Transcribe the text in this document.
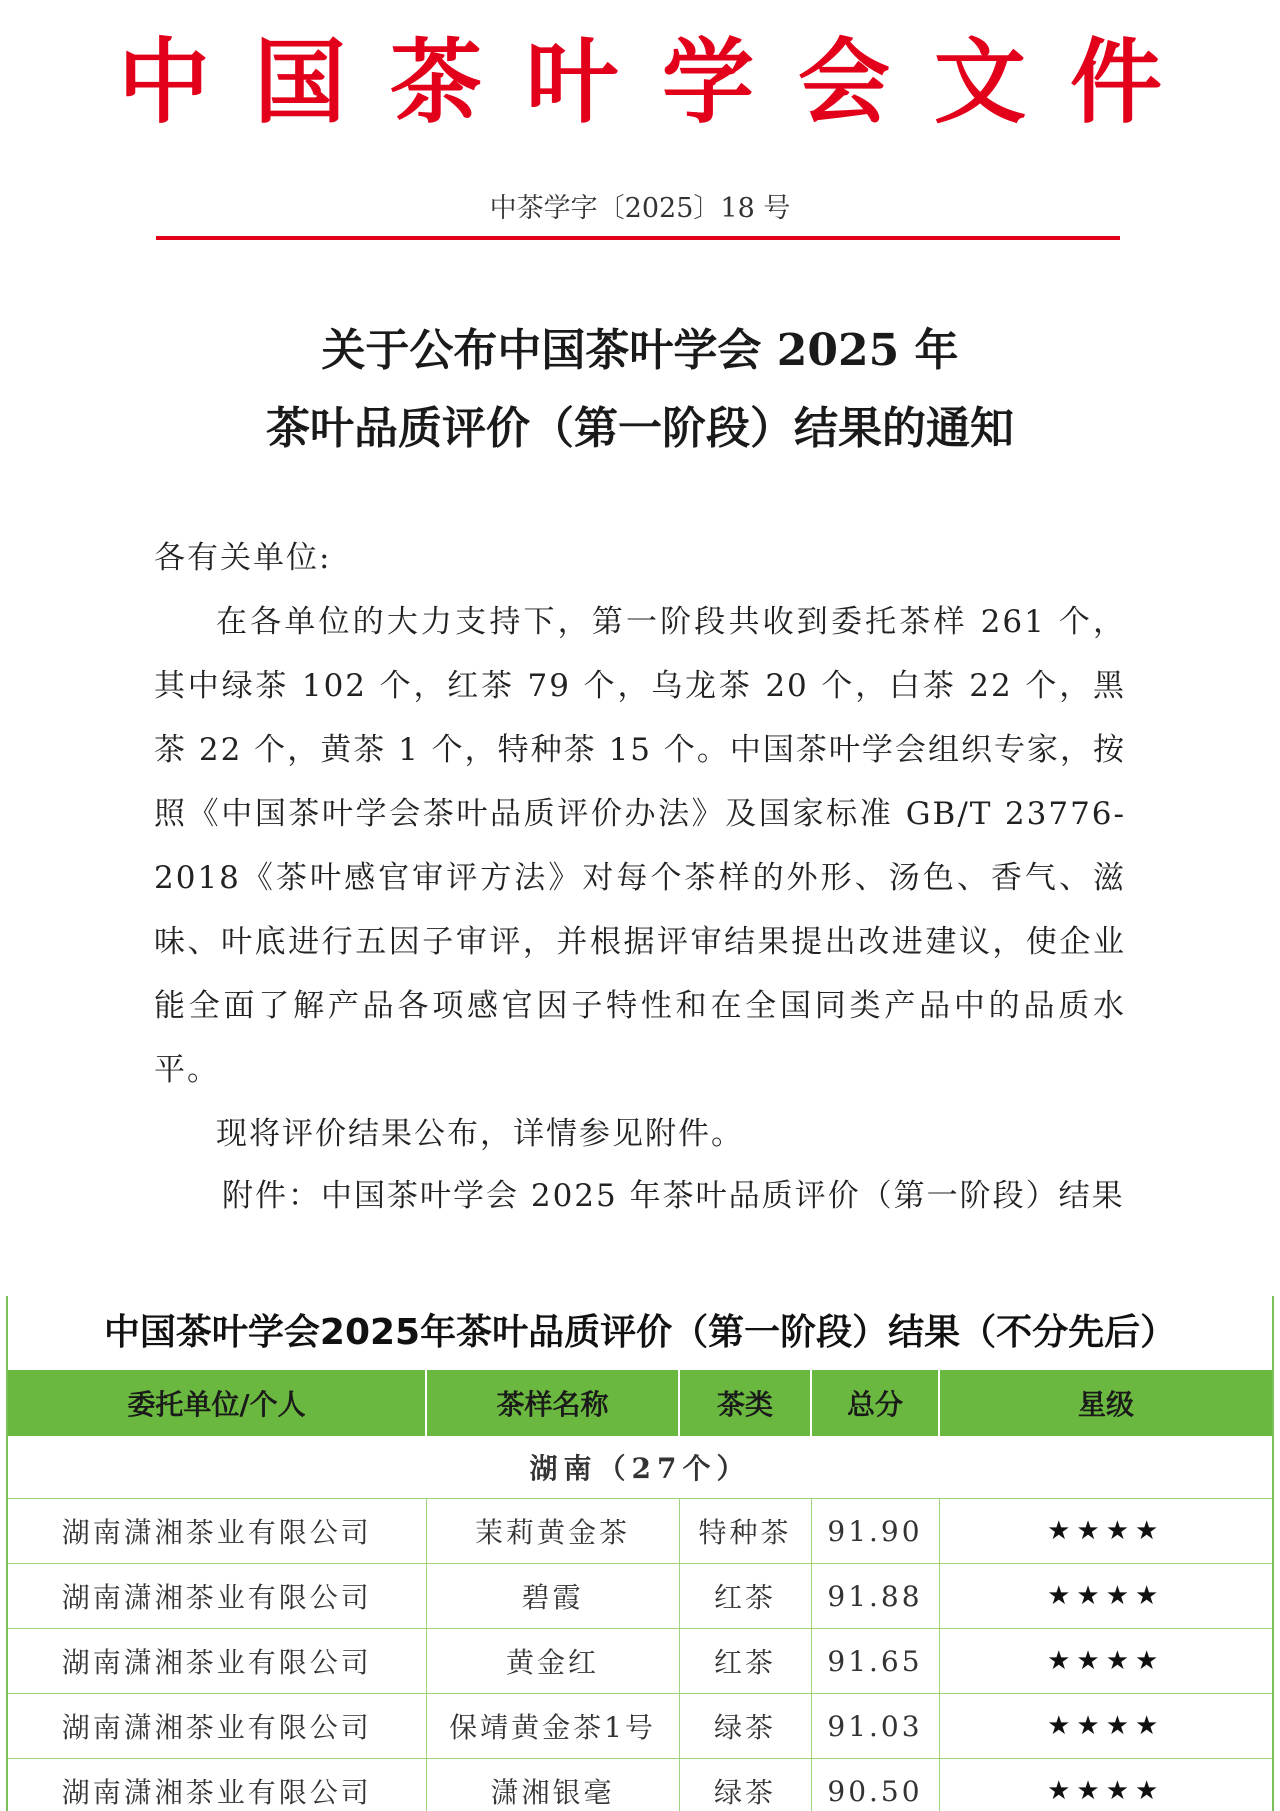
中国茶叶学会文件
中茶学字〔2025〕18 号
关于公布中国茶叶学会 2025 年
茶叶品质评价（第一阶段）结果的通知

各有关单位:

在各单位的大力支持下，第一阶段共收到委托茶样 261 个，其中绿茶 102 个，红茶 79 个，乌龙茶 20 个，白茶 22 个，黑茶 22 个，黄茶 1 个，特种茶 15 个。中国茶叶学会组织专家，按照《中国茶叶学会茶叶品质评价办法》及国家标准 GB/T 23776-2018《茶叶感官审评方法》对每个茶样的外形、汤色、香气、滋味、叶底进行五因子审评，并根据评审结果提出改进建议，使企业能全面了解产品各项感官因子特性和在全国同类产品中的品质水平。

现将评价结果公布，详情参见附件。

附件：中国茶叶学会 2025 年茶叶品质评价（第一阶段）结果
中国茶叶学会2025年茶叶品质评价（第一阶段）结果（不分先后）
委托单位/个人	茶样名称	茶类	总分	星级
湖南（27个）				
湖南潇湘茶业有限公司	茉莉黄金茶	特种茶	91.90	★★★★
湖南潇湘茶业有限公司	碧霞	红茶	91.88	★★★★
湖南潇湘茶业有限公司	黄金红	红茶	91.65	★★★★
湖南潇湘茶业有限公司	保靖黄金茶1号	绿茶	91.03	★★★★
湖南潇湘茶业有限公司	潇湘银毫	绿茶	90.50	★★★★
